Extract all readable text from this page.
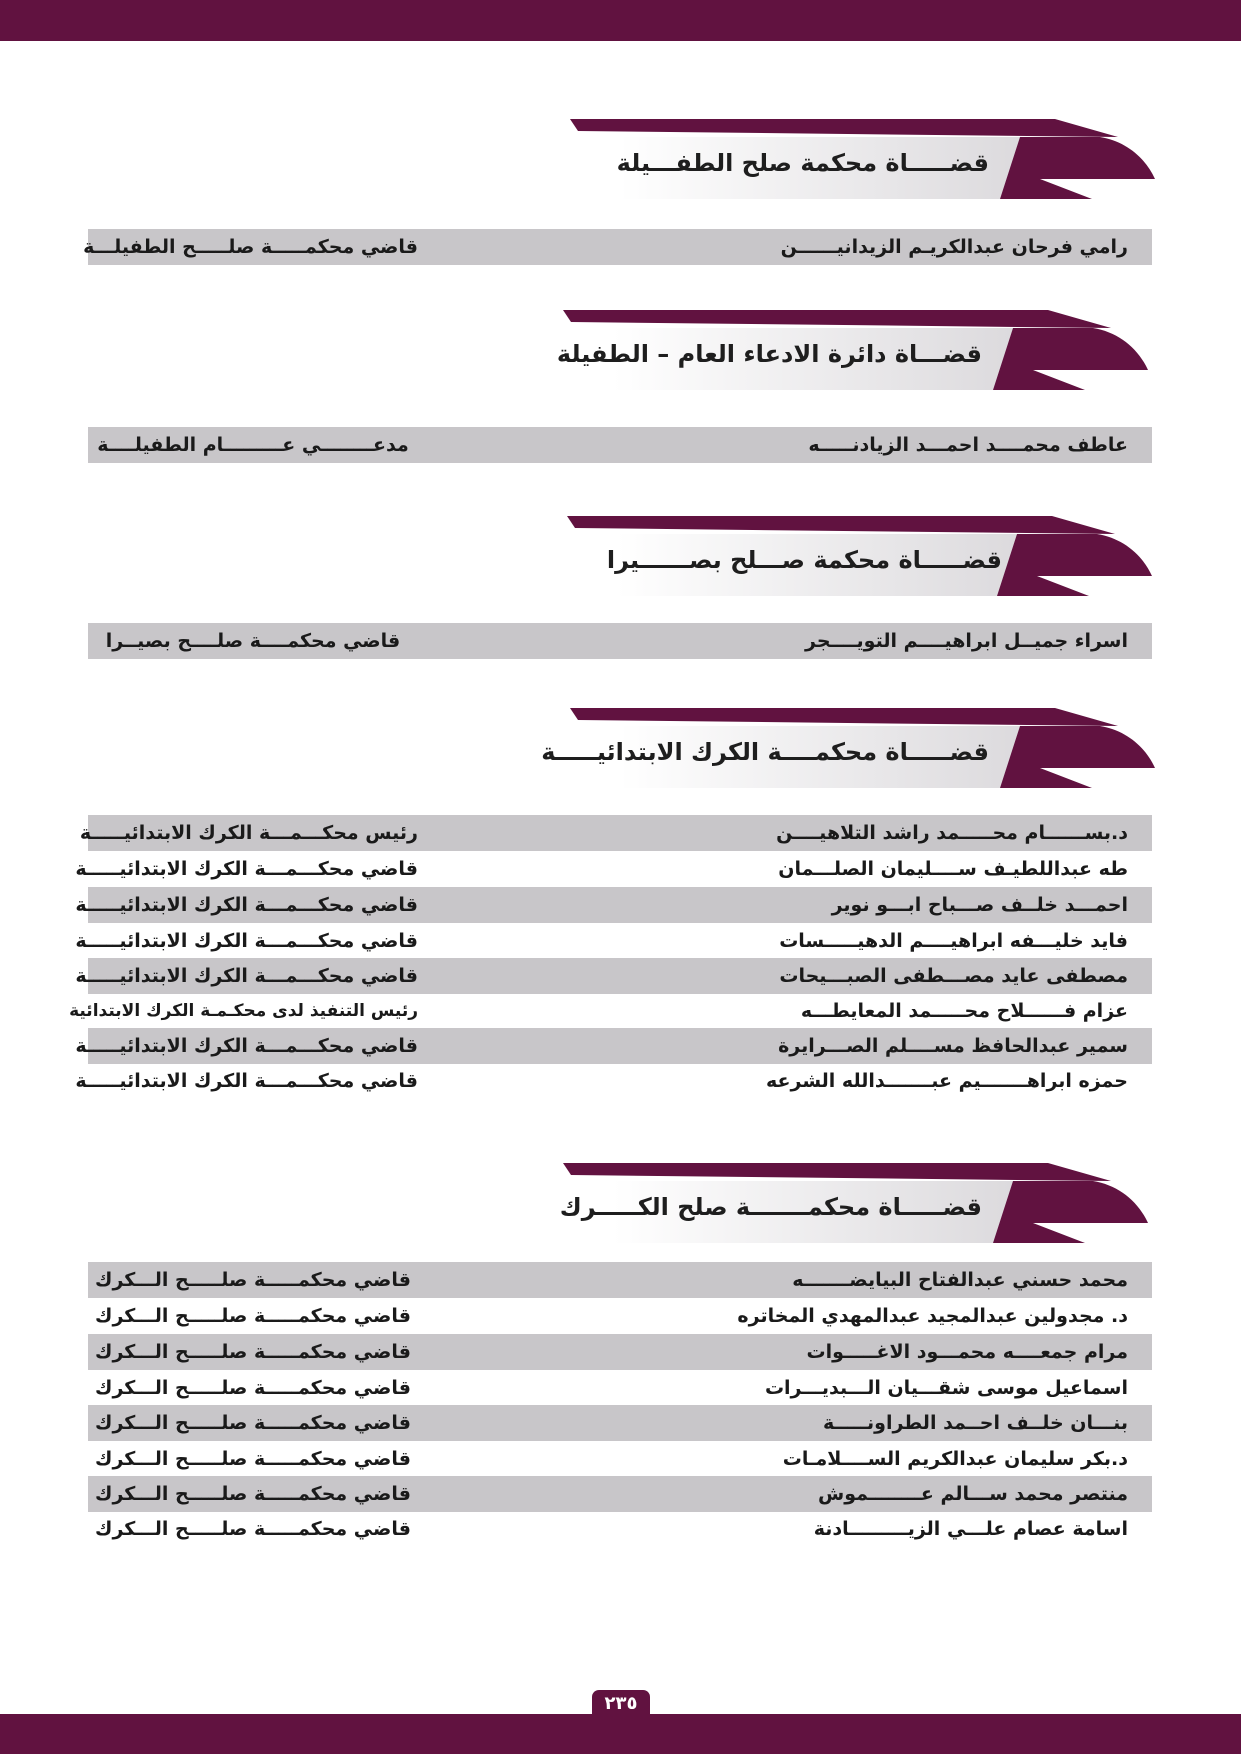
قضـــــاة محكمة صلح الطفـــيلة
رامي فرحان عبدالكريـم الزيدانيــــــن
قاضي محكمـــــة صلـــــح الطفيلـــة
قضـــاة دائرة الادعاء العام – الطفيلة
عاطف محمــــد احمـــد الزيادنـــــه
مدعــــــــي عـــــــــام الطفيلــــة
قضـــــاة محكمة صـــلح بصــــــيرا
اسراء جميــل ابراهيــــم التويــــجر
قاضي محكمــــة صلــــح بصيــرا
قضـــــاة محكمــــة الكرك الابتدائيـــــة
د.بســــــام محـــــمد راشد التلاهيــــن
رئيس محكـــمـــة الكرك الابتدائيـــــة
طه عبداللطيـف ســــليمان الصلـــمان
قاضي محكـــمـــة الكرك الابتدائيـــــة
احمـــد خلــف صـــباح ابـــو نوير
قاضي محكـــمـــة الكرك الابتدائيـــــة
فايد خليـــفه ابراهيــــم الدهيـــــسات
قاضي محكـــمـــة الكرك الابتدائيـــــة
مصطفى عايد مصـــطفى الصبـــيحات
قاضي محكـــمـــة الكرك الابتدائيـــــة
عزام فــــــلاح محـــــمد المعايطـــه
رئيس التنفيذ لدى محكـمـة الكرك الابتدائية
سمير عبدالحافظ مســــلم الصـــرايرة
قاضي محكـــمـــة الكرك الابتدائيـــــة
حمزه ابراهـــــــيم عبـــــــدالله الشرعه
قاضي محكـــمـــة الكرك الابتدائيـــــة
قضـــــاة محكمـــــــة صلح الكـــــرك
محمد حسني عبدالفتاح البيايضـــــــه
قاضي محكمـــــة صلـــــح الـــكرك
د. مجدولين عبدالمجيد عبدالمهدي المخاتره
قاضي محكمـــــة صلـــــح الـــكرك
مرام جمعــــه محمـــود الاغـــــوات
قاضي محكمـــــة صلـــــح الـــكرك
اسماعيل موسى شقـــيان الـــبديـــرات
قاضي محكمـــــة صلـــــح الـــكرك
بنـــان خلــف احــمد الطراونـــــة
قاضي محكمـــــة صلـــــح الـــكرك
د.بكر سليمان عبدالكريم الســــلامـات
قاضي محكمـــــة صلـــــح الـــكرك
منتصر محمد ســـالم عــــــــموش
قاضي محكمـــــة صلـــــح الـــكرك
اسامة عصام علـــي الزيـــــــــادنة
قاضي محكمـــــة صلـــــح الـــكرك
٢٣٥
